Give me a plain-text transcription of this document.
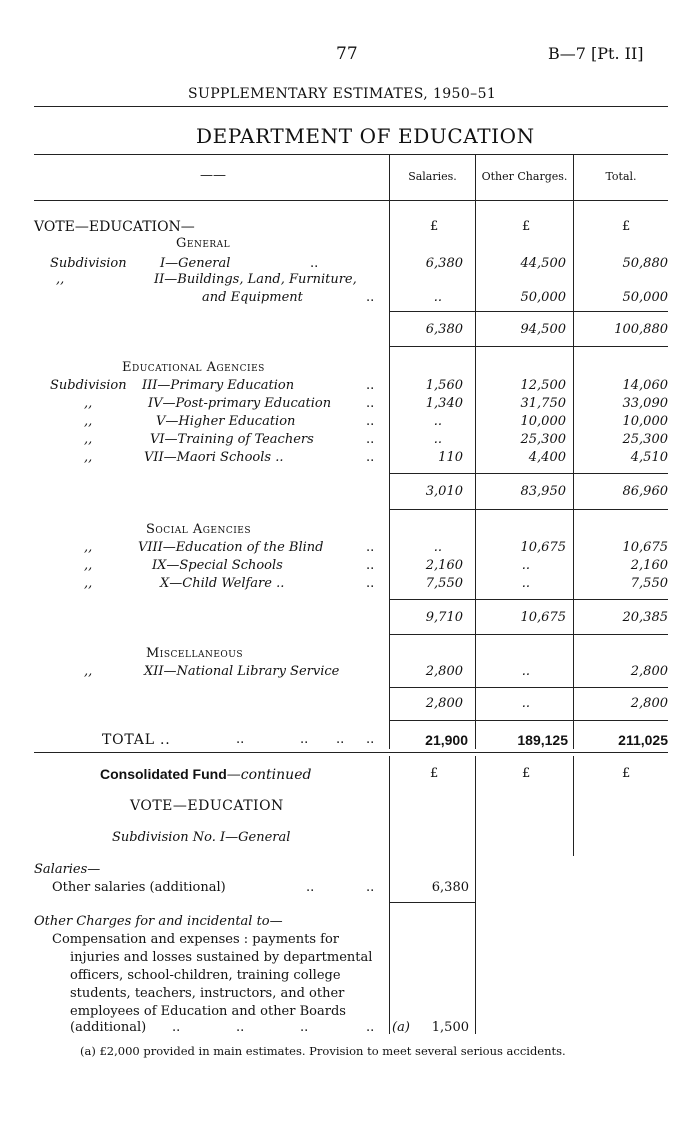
77	B—7 [Pt. II]
SUPPLEMENTARY ESTIMATES, 1950–51
DEPARTMENT OF EDUCATION
——	Salaries.	Other Charges.	Total.
VOTE—EDUCATION—	£	£	£
General
Subdivision	I—General	..	6,380	44,500	50,880
,,	II—Buildings, Land, Furniture,
and Equipment	..	..	50,000	50,000
6,380	94,500	100,880
Educational Agencies
Subdivision III—Primary Education	..	1,560	12,500	14,060
,,	IV—Post-primary Education	..	1,340	31,750	33,090
,,	V—Higher Education	..	..	10,000	10,000
,,	VI—Training of Teachers	..	..	25,300	25,300
,,	VII—Maori Schools ..	..	110	4,400	4,510
3,010	83,950	86,960
Social Agencies
,,	VIII—Education of the Blind	..	..	10,675	10,675
,,	IX—Special Schools	..	2,160	..	2,160
,,	X—Child Welfare ..	..	7,550	..	7,550
9,710	10,675	20,385
Miscellaneous
,,	XII—National Library Service	2,800	..	2,800
2,800	..	2,800
TOTAL ..	..	.. .. ..	21,900	189,125	211,025
Consolidated Fund—continued	£	£	£
VOTE—EDUCATION
Subdivision No. I—General
Salaries—
Other salaries (additional)	..	..	6,380
Other Charges for and incidental to—
Compensation and expenses : payments for
injuries and losses sustained by departmental
officers, school-children, training college
students, teachers, instructors, and other
employees of Education and other Boards
(additional) ..	..	..	.. (a)	1,500
(a) £2,000 provided in main estimates. Provision to meet several serious accidents.
